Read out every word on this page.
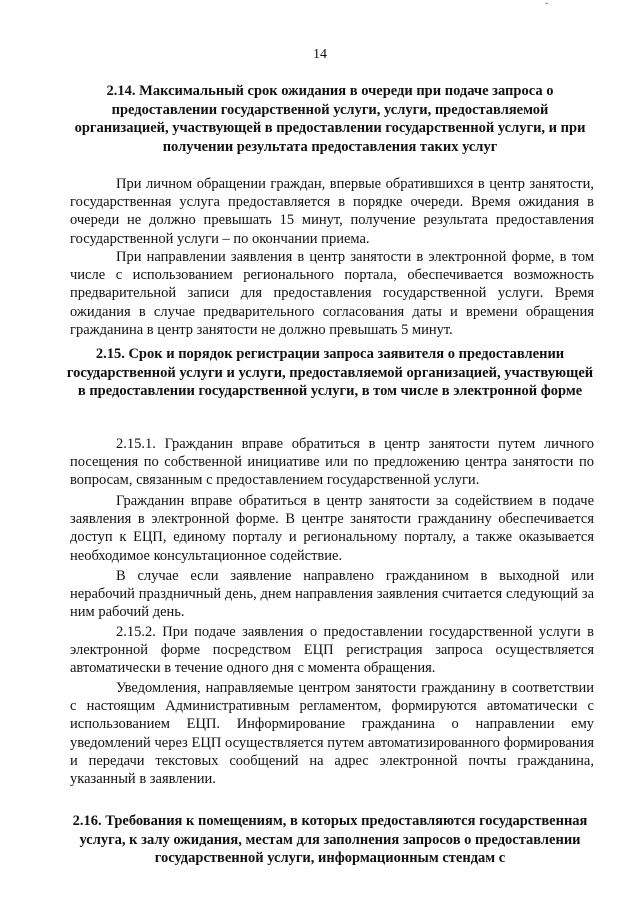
ˇ
14
2.14. Максимальный срок ожидания в очереди при подаче запроса о предоставлении государственной услуги, услуги, предоставляемой организацией, участвующей в предоставлении государственной услуги, и при получении результата предоставления таких услуг
При личном обращении граждан, впервые обратившихся в центр занятости, государственная услуга предоставляется в порядке очереди. Время ожидания в очереди не должно превышать 15 минут, получение результата предоставления государственной услуги – по окончании приема.
При направлении заявления в центр занятости в электронной форме, в том числе с использованием регионального портала, обеспечивается возможность предварительной записи для предоставления государственной услуги. Время ожидания в случае предварительного согласования даты и времени обращения гражданина в центр занятости не должно превышать 5 минут.
2.15. Срок и порядок регистрации запроса заявителя о предоставлении государственной услуги и услуги, предоставляемой организацией, участвующей в предоставлении государственной услуги, в том числе в электронной форме
2.15.1. Гражданин вправе обратиться в центр занятости путем личного посещения по собственной инициативе или по предложению центра занятости по вопросам, связанным с предоставлением государственной услуги.
Гражданин вправе обратиться в центр занятости за содействием в подаче заявления в электронной форме. В центре занятости гражданину обеспечивается доступ к ЕЦП, единому порталу и региональному порталу, а также оказывается необходимое консультационное содействие.
В случае если заявление направлено гражданином в выходной или нерабочий праздничный день, днем направления заявления считается следующий за ним рабочий день.
2.15.2. При подаче заявления о предоставлении государственной услуги в электронной форме посредством ЕЦП регистрация запроса осуществляется автоматически в течение одного дня с момента обращения.
Уведомления, направляемые центром занятости гражданину в соответствии с настоящим Административным регламентом, формируются автоматически с использованием ЕЦП. Информирование гражданина о направлении ему уведомлений через ЕЦП осуществляется путем автоматизированного формирования и передачи текстовых сообщений на адрес электронной почты гражданина, указанный в заявлении.
2.16. Требования к помещениям, в которых предоставляются государственная услуга, к залу ожидания, местам для заполнения запросов о предоставлении государственной услуги, информационным стендам с
